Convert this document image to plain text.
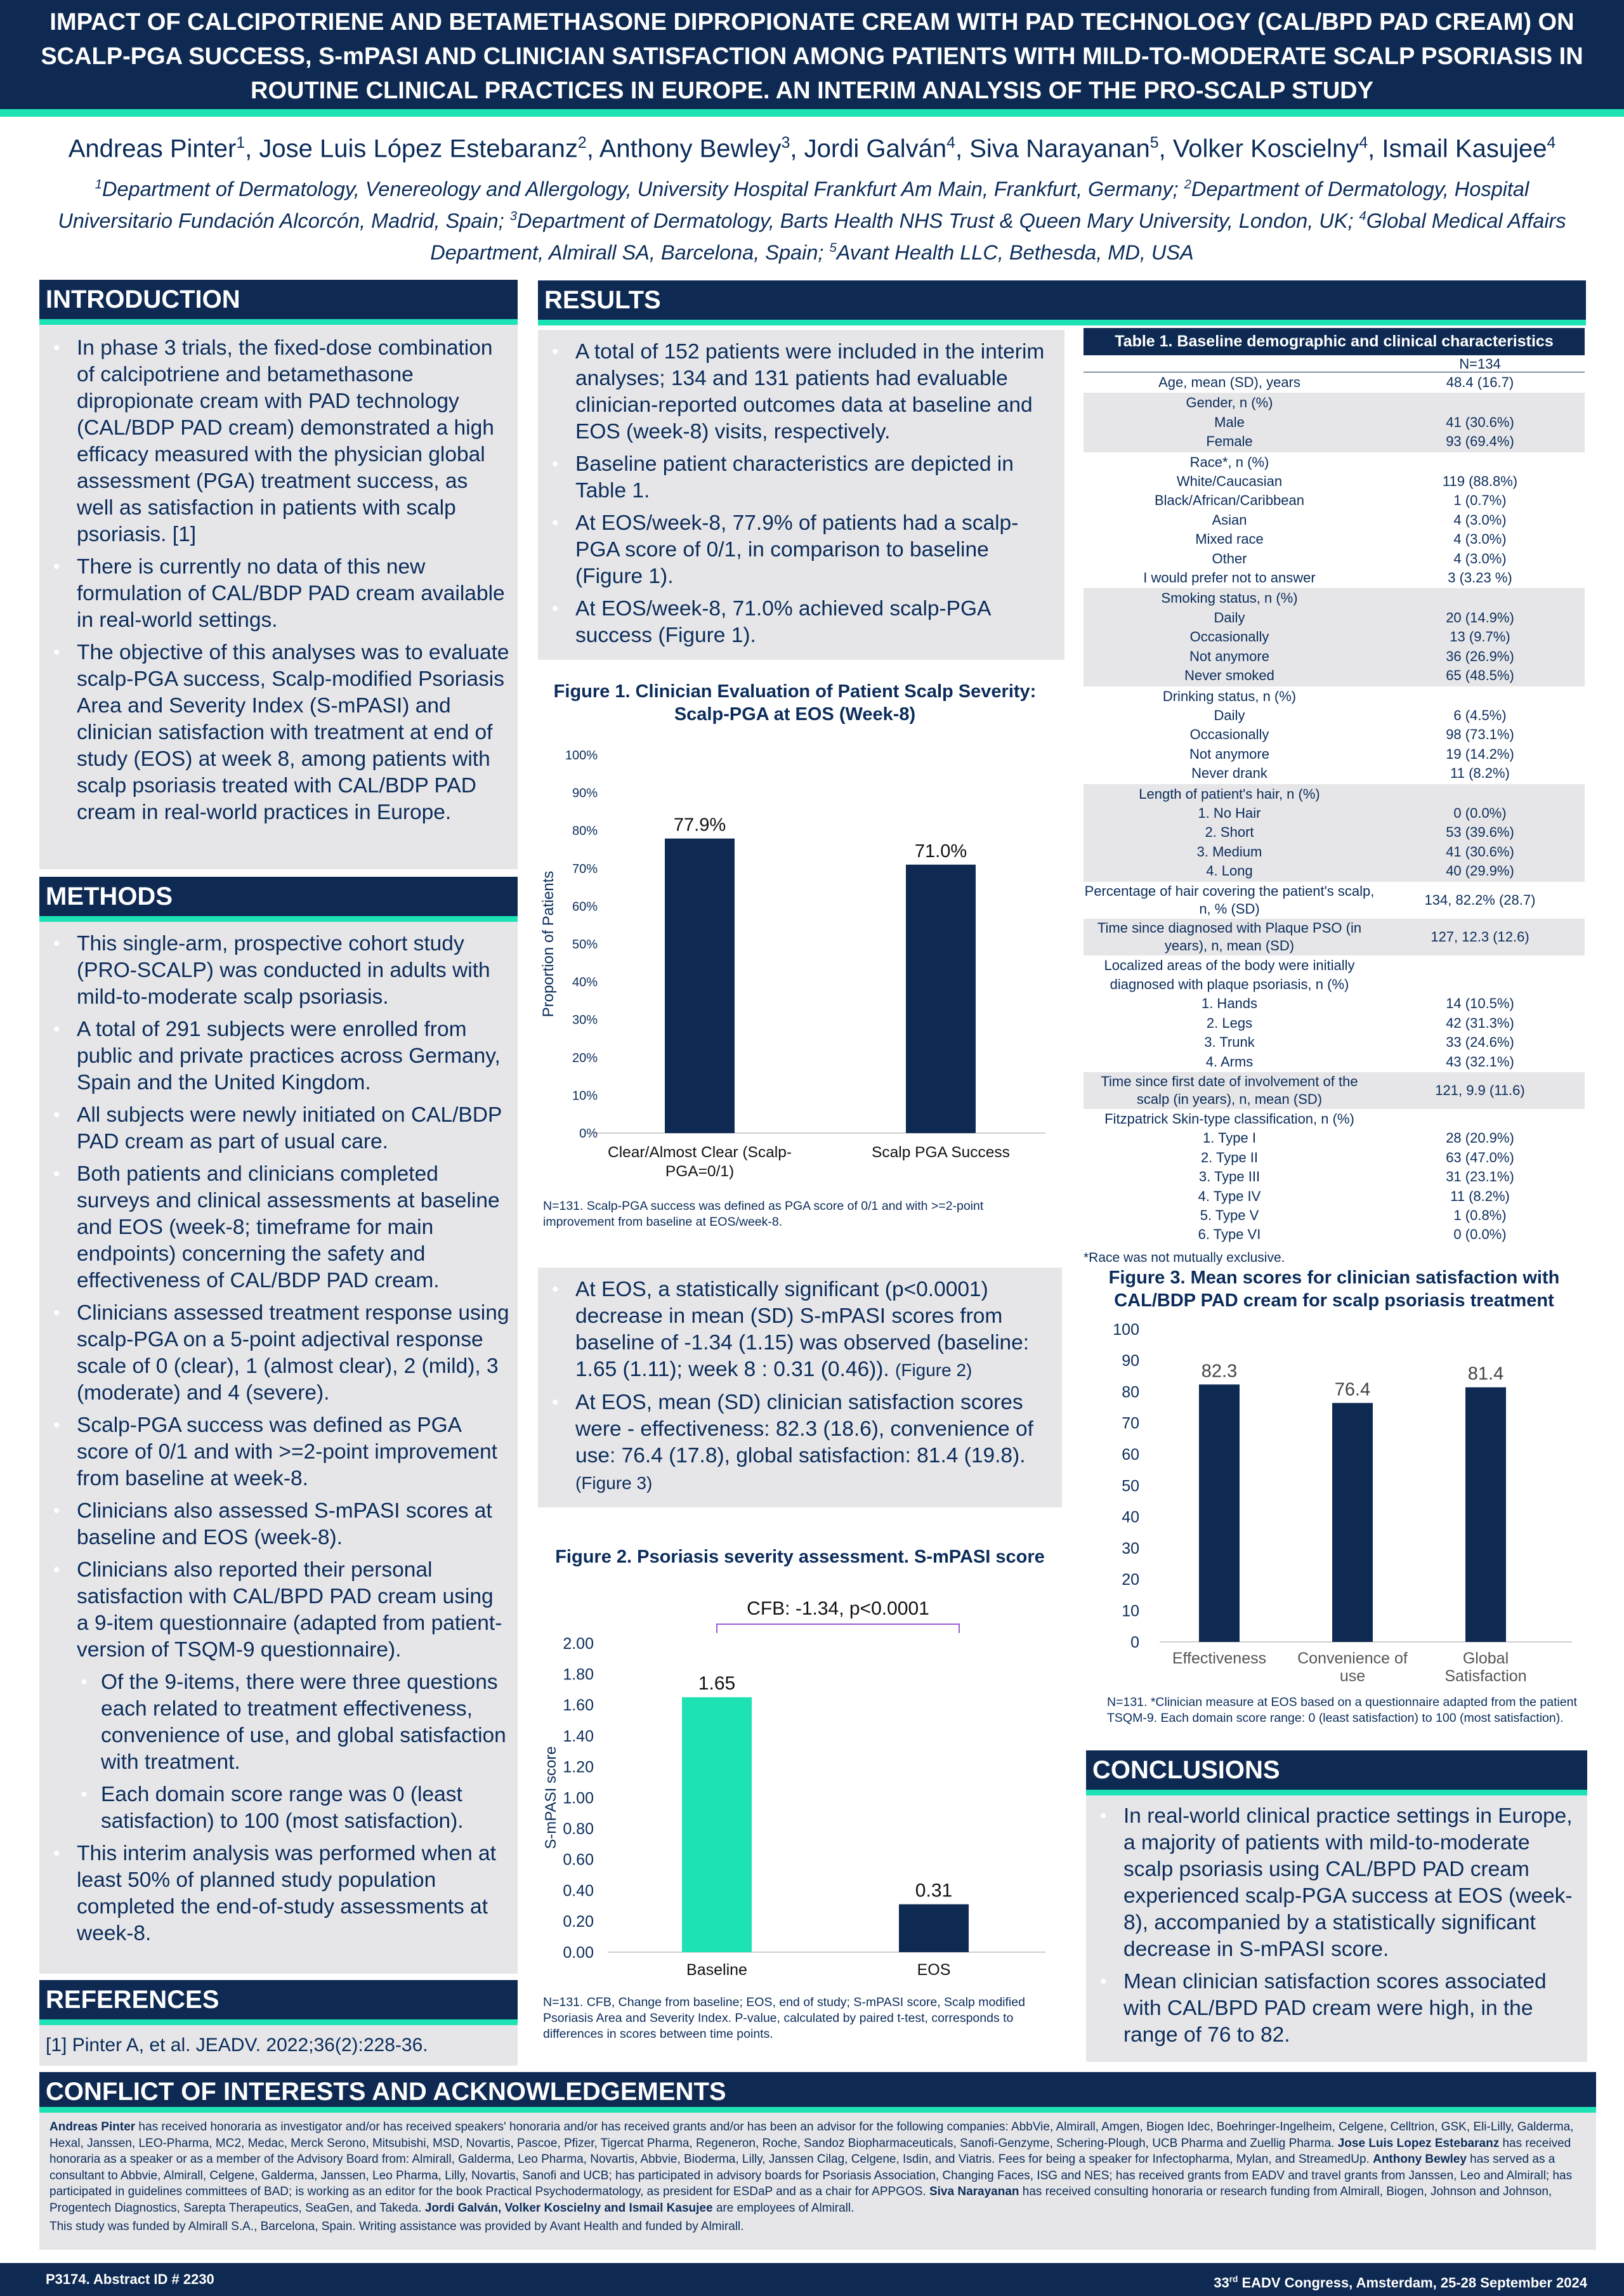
IMPACT OF CALCIPOTRIENE AND BETAMETHASONE DIPROPIONATE CREAM WITH PAD TECHNOLOGY (CAL/BPD PAD CREAM) ON SCALP-PGA SUCCESS, S-mPASI AND CLINICIAN SATISFACTION AMONG PATIENTS WITH MILD-TO-MODERATE SCALP PSORIASIS IN ROUTINE CLINICAL PRACTICES IN EUROPE. AN INTERIM ANALYSIS OF THE PRO-SCALP STUDY
Andreas Pinter$^1$, Jose Luis López Estebaranz$^2$, Anthony Bewley$^3$, Jordi Galván$^4$, Siva Narayanan$^5$, Volker Koscielny$^4$, Ismail Kasujee$^4$
$^1$Department of Dermatology, Venereology and Allergology, University Hospital Frankfurt Am Main, Frankfurt, Germany; $^2$Department of Dermatology, Hospital Universitario Fundación Alcorcón, Madrid, Spain; $^3$Department of Dermatology, Barts Health NHS Trust & Queen Mary University, London, UK; $^4$Global Medical Affairs Department, Almirall SA, Barcelona, Spain; $^5$Avant Health LLC, Bethesda, MD, USA
INTRODUCTION
• In phase 3 trials, the fixed-dose combination of calcipotriene and betamethasone dipropionate cream with PAD technology (CAL/BDP PAD cream) demonstrated a high efficacy measured with the physician global assessment (PGA) treatment success, as well as satisfaction in patients with scalp psoriasis. [1]
• There is currently no data of this new formulation of CAL/BDP PAD cream available in real-world settings.
• The objective of this analyses was to evaluate scalp-PGA success, Scalp-modified Psoriasis Area and Severity Index (S-mPASI) and clinician satisfaction with treatment at end of study (EOS) at week 8, among patients with scalp psoriasis treated with CAL/BDP PAD cream in real-world practices in Europe.
METHODS
• This single-arm, prospective cohort study (PRO-SCALP) was conducted in adults with mild-to-moderate scalp psoriasis.
• A total of 291 subjects were enrolled from public and private practices across Germany, Spain and the United Kingdom.
• All subjects were newly initiated on CAL/BDP PAD cream as part of usual care.
• Both patients and clinicians completed surveys and clinical assessments at baseline and EOS (week-8; timeframe for main endpoints) concerning the safety and effectiveness of CAL/BDP PAD cream.
• Clinicians assessed treatment response using scalp-PGA on a 5-point adjectival response scale of 0 (clear), 1 (almost clear), 2 (mild), 3 (moderate) and 4 (severe).
• Scalp-PGA success was defined as PGA score of 0/1 and with >=2-point improvement from baseline at week-8.
• Clinicians also assessed S-mPASI scores at baseline and EOS (week-8).
• Clinicians also reported their personal satisfaction with CAL/BPD PAD cream using a 9-item questionnaire (adapted from patient-version of TSQM-9 questionnaire).
• Of the 9-items, there were three questions each related to treatment effectiveness, convenience of use, and global satisfaction with treatment.
• Each domain score range was 0 (least satisfaction) to 100 (most satisfaction).
• This interim analysis was performed when at least 50% of planned study population completed the end-of-study assessments at week-8.
REFERENCES
[1] Pinter A, et al. JEADV. 2022;36(2):228-36.
RESULTS
• A total of 152 patients were included in the interim analyses; 134 and 131 patients had evaluable clinician-reported outcomes data at baseline and EOS (week-8) visits, respectively.
• Baseline patient characteristics are depicted in Table 1.
• At EOS/week-8, 77.9% of patients had a scalp-PGA score of 0/1, in comparison to baseline (Figure 1).
• At EOS/week-8, 71.0% achieved scalp-PGA success (Figure 1).
Figure 1. Clinician Evaluation of Patient Scalp Severity: Scalp-PGA at EOS (Week-8)
0%
10%
20%
30%
40%
50%
60%
70%
80%
90%
100%
Proportion of Patients
77.9%
Clear/Almost Clear (Scalp-
PGA=0/1)
71.0%
Scalp PGA Success
N=131. Scalp-PGA success was defined as PGA score of 0/1 and with >=2-point improvement from baseline at EOS/week-8.
• At EOS, a statistically significant (p<0.0001) decrease in mean (SD) S-mPASI scores from baseline of -1.34 (1.15) was observed (baseline: 1.65 (1.11); week 8 : 0.31 (0.46)). (Figure 2)
• At EOS, mean (SD) clinician satisfaction scores were - effectiveness: 82.3 (18.6), convenience of use: 76.4 (17.8), global satisfaction: 81.4 (19.8). (Figure 3)
Figure 2. Psoriasis severity assessment. S-mPASI score
0.00
0.20
0.40
0.60
0.80
1.00
1.20
1.40
1.60
1.80
2.00
S-mPASI score
1.65
Baseline
0.31
EOS
CFB: -1.34, p<0.0001
N=131. CFB, Change from baseline; EOS, end of study; S-mPASI score, Scalp modified Psoriasis Area and Severity Index. P-value, calculated by paired t-test, corresponds to differences in scores between time points.
Table 1. Baseline demographic and clinical characteristics
N=134
Age, mean (SD), years	48.4 (16.7)
Gender, n (%)
Male	41 (30.6%)
Female	93 (69.4%)
Race*, n (%)
White/Caucasian	119 (88.8%)
Black/African/Caribbean	1 (0.7%)
Asian	4 (3.0%)
Mixed race	4 (3.0%)
Other	4 (3.0%)
I would prefer not to answer	3 (3.23 %)
Smoking status, n (%)
Daily	20 (14.9%)
Occasionally	13 (9.7%)
Not anymore	36 (26.9%)
Never smoked	65 (48.5%)
Drinking status, n (%)
Daily	6 (4.5%)
Occasionally	98 (73.1%)
Not anymore	19 (14.2%)
Never drank	11 (8.2%)
Length of patient's hair, n (%)
1. No Hair	0 (0.0%)
2. Short	53 (39.6%)
3. Medium	41 (30.6%)
4. Long	40 (29.9%)
Percentage of hair covering the patient's scalp, n, % (SD)
134, 82.2% (28.7)
Time since diagnosed with Plaque PSO (in years), n, mean (SD)
127, 12.3 (12.6)
Localized areas of the body were initially diagnosed with plaque psoriasis, n (%)
1. Hands	14 (10.5%)
2. Legs	42 (31.3%)
3. Trunk	33 (24.6%)
4. Arms	43 (32.1%)
Time since first date of involvement of the scalp (in years), n, mean (SD)
121, 9.9 (11.6)
Fitzpatrick Skin-type classification, n (%)
1. Type I	28 (20.9%)
2. Type II	63 (47.0%)
3. Type III	31 (23.1%)
4. Type IV	11 (8.2%)
5. Type V	1 (0.8%)
6. Type VI	0 (0.0%)
*Race was not mutually exclusive.
Figure 3. Mean scores for clinician satisfaction with CAL/BDP PAD cream for scalp psoriasis treatment
0
10
20
30
40
50
60
70
80
90
100
82.3
Effectiveness
76.4
Convenience of
use
81.4
Global
Satisfaction
N=131. *Clinician measure at EOS based on a questionnaire adapted from the patient TSQM-9. Each domain score range: 0 (least satisfaction) to 100 (most satisfaction).
CONCLUSIONS
• In real-world clinical practice settings in Europe, a majority of patients with mild-to-moderate scalp psoriasis using CAL/BPD PAD cream experienced scalp-PGA success at EOS (week-8), accompanied by a statistically significant decrease in S-mPASI score.
• Mean clinician satisfaction scores associated with CAL/BPD PAD cream were high, in the range of 76 to 82.
CONFLICT OF INTERESTS AND ACKNOWLEDGEMENTS
Andreas Pinter has received honoraria as investigator and/or has received speakers' honoraria and/or has received grants and/or has been an advisor for the following companies: AbbVie, Almirall, Amgen, Biogen Idec, Boehringer-Ingelheim, Celgene, Celltrion, GSK, Eli-Lilly, Galderma, Hexal, Janssen, LEO-Pharma, MC2, Medac, Merck Serono, Mitsubishi, MSD, Novartis, Pascoe, Pfizer, Tigercat Pharma, Regeneron, Roche, Sandoz Biopharmaceuticals, Sanofi-Genzyme, Schering-Plough, UCB Pharma and Zuellig Pharma. Jose Luis Lopez Estebaranz has received honoraria as a speaker or as a member of the Advisory Board from: Almirall, Galderma, Leo Pharma, Novartis, Abbvie, Bioderma, Lilly, Janssen Cilag, Celgene, Isdin, and Viatris. Fees for being a speaker for Infectopharma, Mylan, and StreamedUp. Anthony Bewley has served as a consultant to Abbvie, Almirall, Celgene, Galderma, Janssen, Leo Pharma, Lilly, Novartis, Sanofi and UCB; has participated in advisory boards for Psoriasis Association, Changing Faces, ISG and NES; has received grants from EADV and travel grants from Janssen, Leo and Almirall; has participated in guidelines committees of BAD; is working as an editor for the book Practical Psychodermatology, as president for ESDaP and as a chair for APPGOS. Siva Narayanan has received consulting honoraria or research funding from Almirall, Biogen, Johnson and Johnson, Progentech Diagnostics, Sarepta Therapeutics, SeaGen, and Takeda. Jordi Galván, Volker Koscielny and Ismail Kasujee are employees of Almirall.
This study was funded by Almirall S.A., Barcelona, Spain. Writing assistance was provided by Avant Health and funded by Almirall.
P3174. Abstract ID # 2230	33rd EADV Congress, Amsterdam, 25-28 September 2024
